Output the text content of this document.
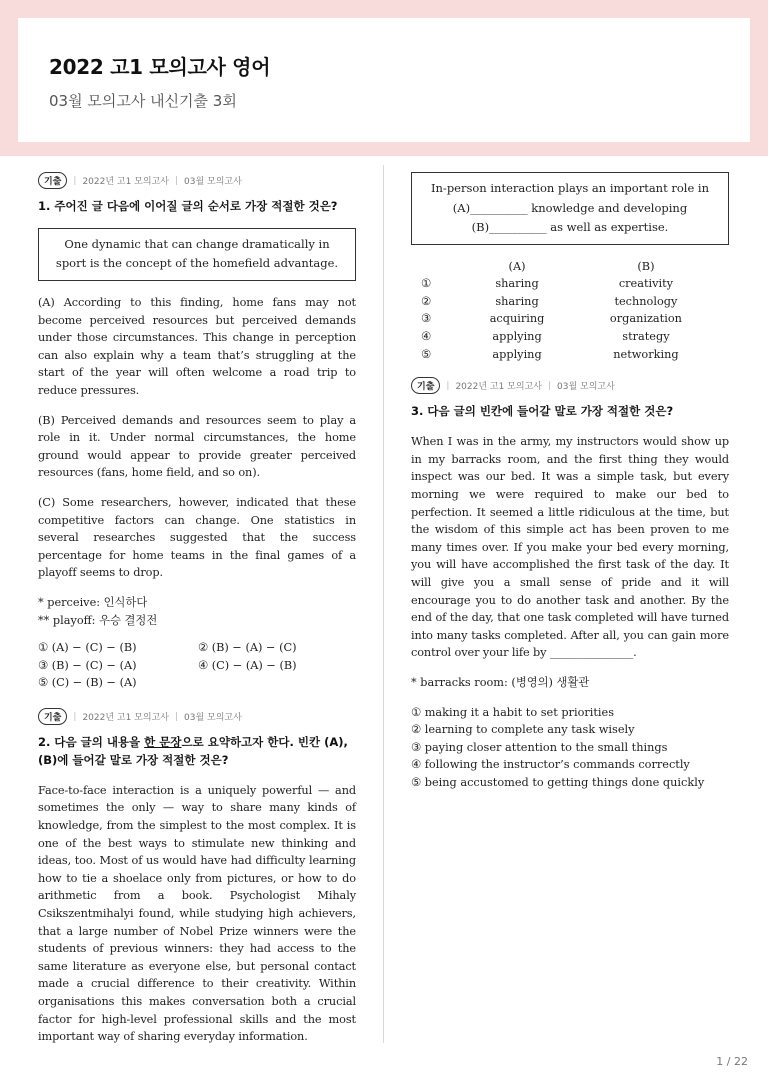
2022 고1 모의고사 영어

03월 모의고사 내신기출 3회

기출	| 2022년 고1 모의고사 | 03월 모의고사

1. 주어진 글 다음에 이어질 글의 순서로 가장 적절한 것은?

One dynamic that can change dramatically in sport is the concept of the homefield advantage.

(A) According to this finding, home fans may not become perceived resources but perceived demands under those circumstances. This change in perception can also explain why a team that’s struggling at the start of the year will often welcome a road trip to reduce pressures.

(B) Perceived demands and resources seem to play a role in it. Under normal circumstances, the home ground would appear to provide greater perceived resources (fans, home field, and so on).

(C) Some researchers, however, indicated that these competitive factors can change. One statistics in several researches suggested that the success percentage for home teams in the final games of a playoff seems to drop.

* perceive: 인식하다

** playoff: 우승 결정전

① (A) − (C) − (B)	② (B) − (A) − (C)
③ (B) − (C) − (A)	④ (C) − (A) − (B)
⑤ (C) − (B) − (A)
기출	| 2022년 고1 모의고사 | 03월 모의고사

2. 다음 글의 내용을 한 문장으로 요약하고자 한다. 빈칸 (A), (B)에 들어갈 말로 가장 적절한 것은?

Face-to-face interaction is a uniquely powerful — and sometimes the only — way to share many kinds of knowledge, from the simplest to the most complex. It is one of the best ways to stimulate new thinking and ideas, too. Most of us would have had difficulty learning how to tie a shoelace only from pictures, or how to do arithmetic from a book. Psychologist Mihaly Csikszentmihalyi found, while studying high achievers, that a large number of Nobel Prize winners were the students of previous winners: they had access to the same literature as everyone else, but personal contact made a crucial difference to their creativity. Within organisations this makes conversation both a crucial factor for high-level professional skills and the most important way of sharing everyday information.

In-person interaction plays an important role in (A)__________ knowledge and developing (B)__________ as well as expertise.
	(A)	(B)
①	sharing	creativity
②	sharing	technology
③	acquiring	organization
④	applying	strategy
⑤	applying	networking
기출	| 2022년 고1 모의고사 | 03월 모의고사

3. 다음 글의 빈칸에 들어갈 말로 가장 적절한 것은?

When I was in the army, my instructors would show up in my barracks room, and the first thing they would inspect was our bed. It was a simple task, but every morning we were required to make our bed to perfection. It seemed a little ridiculous at the time, but the wisdom of this simple act has been proven to me many times over. If you make your bed every morning, you will have accomplished the first task of the day. It will give you a small sense of pride and it will encourage you to do another task and another. By the end of the day, that one task completed will have turned into many tasks completed. After all, you can gain more control over your life by _______________.

* barracks room: (병영의) 생활관

① making it a habit to set priorities
② learning to complete any task wisely
③ paying closer attention to the small things
④ following the instructor’s commands correctly
⑤ being accustomed to getting things done quickly
1 / 22
